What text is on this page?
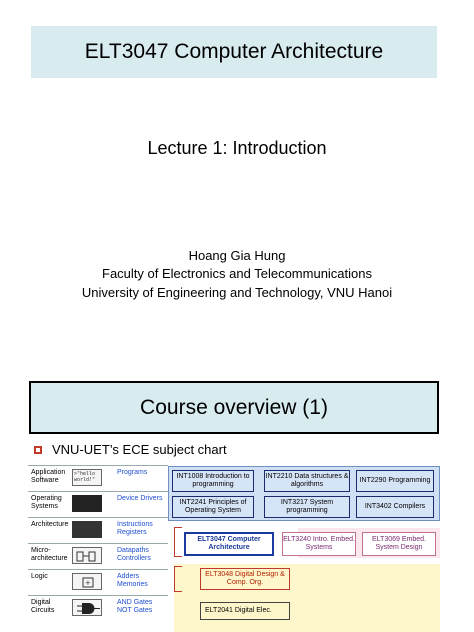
ELT3047 Computer Architecture
Lecture 1: Introduction
Hoang Gia Hung
Faculty of Electronics and Telecommunications
University of Engineering and Technology, VNU Hanoi
Course overview (1)
VNU-UET’s ECE subject chart
Application Software
>"hello world!"
Programs
Operating Systems
Device Drivers
Architecture	Instructions Registers
Micro-architecture
Datapaths Controllers
Logic
+
Adders Memories
Digital Circuits
AND Gates NOT Gates
INT1008 Introduction to programming
INT2210 Data structures & algorithms
INT2290 Programming
INT2241 Principles of Operating System
INT3217 System programming
INT3402 Compilers
ELT3047 Computer Architecture
ELT3240 Intro. Embed. Systems
ELT3069 Embed. System Design
ELT3048 Digital Design & Comp. Org.
ELT2041 Digital Elec.
